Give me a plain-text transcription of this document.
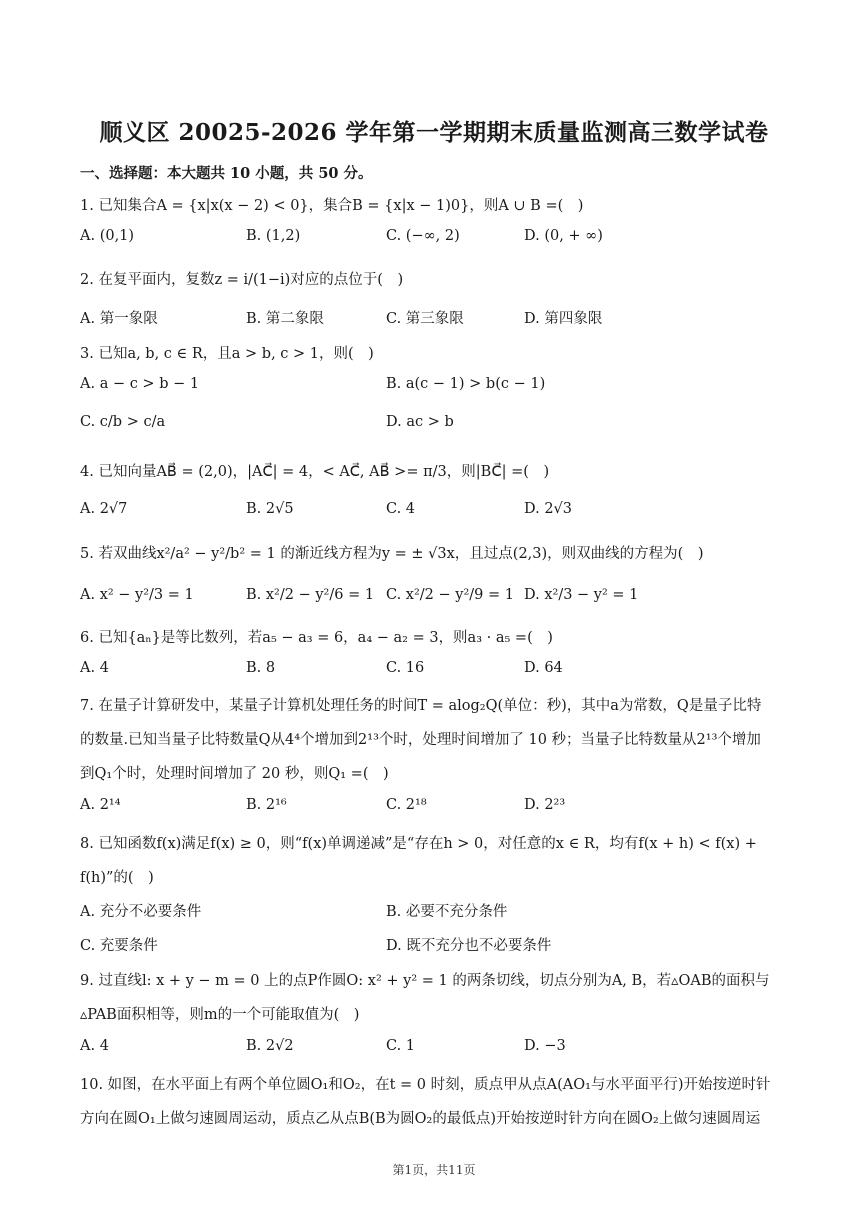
顺义区 20025-2026 学年第一学期期末质量监测高三数学试卷
一、选择题：本大题共 10 小题，共 50 分。
1. 已知集合A = {x|x(x − 2) < 0}，集合B = {x|x − 1)0}，则A ∪ B =(　)
A. (0,1)	B. (1,2)	C. (−∞, 2)	D. (0, + ∞)
2. 在复平面内，复数z = i/(1−i)对应的点位于(　)
A. 第一象限	B. 第二象限	C. 第三象限	D. 第四象限
3. 已知a, b, c ∈ R，且a > b, c > 1，则(　)
A. a − c > b − 1	B. a(c − 1) > b(c − 1)
C. c/b > c/a	D. ac > b
4. 已知向量AB⃗ = (2,0)，|AC⃗| = 4，< AC⃗, AB⃗ >= π/3，则|BC⃗| =(　)
A. 2√7	B. 2√5	C. 4	D. 2√3
5. 若双曲线x²/a² − y²/b² = 1 的渐近线方程为y = ± √3x，且过点(2,3)，则双曲线的方程为(　)
A. x² − y²/3 = 1	B. x²/2 − y²/6 = 1 C. x²/2 − y²/9 = 1 D. x²/3 − y² = 1
6. 已知{aₙ}是等比数列，若a₅ − a₃ = 6，a₄ − a₂ = 3，则a₃ · a₅ =(　)
A. 4	B. 8	C. 16	D. 64
7. 在量子计算研发中，某量子计算机处理任务的时间T = alog₂Q(单位：秒)，其中a为常数，Q是量子比特
的数量.已知当量子比特数量Q从4⁴个增加到2¹³个时，处理时间增加了 10 秒；当量子比特数量从2¹³个增加
到Q₁个时，处理时间增加了 20 秒，则Q₁ =(　)
A. 2¹⁴	B. 2¹⁶	C. 2¹⁸	D. 2²³
8. 已知函数f(x)满足f(x) ≥ 0，则“f(x)单调递减”是“存在h > 0，对任意的x ∈ R，均有f(x + h) < f(x) +
f(h)”的(　)
A. 充分不必要条件	B. 必要不充分条件
C. 充要条件	D. 既不充分也不必要条件
9. 过直线l: x + y − m = 0 上的点P作圆O: x² + y² = 1 的两条切线，切点分别为A, B，若▵OAB的面积与
▵PAB面积相等，则m的一个可能取值为(　)
A. 4	B. 2√2	C. 1	D. −3
10. 如图，在水平面上有两个单位圆O₁和O₂，在t = 0 时刻，质点甲从点A(AO₁与水平面平行)开始按逆时针
方向在圆O₁上做匀速圆周运动，质点乙从点B(B为圆O₂的最低点)开始按逆时针方向在圆O₂上做匀速圆周运
第1页，共11页
